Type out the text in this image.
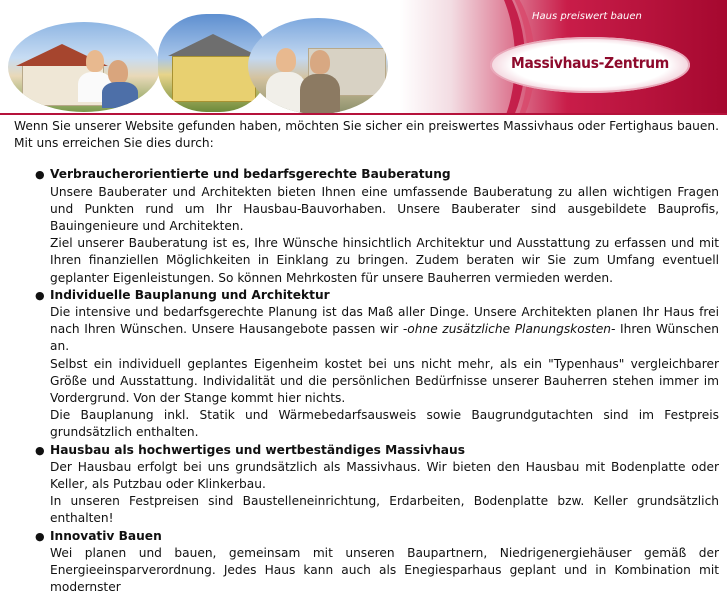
Haus preiswert bauen
Massivhaus-Zentrum

Wenn Sie unserer Website gefunden haben, möchten Sie sicher ein preiswertes Massivhaus oder Fertighaus bauen. Mit uns erreichen Sie dies durch:

● Verbraucherorientierte und bedarfsgerechte Bauberatung
Unsere Bauberater und Architekten bieten Ihnen eine umfassende Bauberatung zu allen wichtigen Fragen und Punkten rund um Ihr Hausbau-Bauvorhaben. Unsere Bauberater sind ausgebildete Bauprofis, Bauingenieure und Architekten.
Ziel unserer Bauberatung ist es, Ihre Wünsche hinsichtlich Architektur und Ausstattung zu erfassen und mit Ihren finanziellen Möglichkeiten in Einklang zu bringen. Zudem beraten wir Sie zum Umfang eventuell geplanter Eigenleistungen. So können Mehrkosten für unsere Bauherren vermieden werden.
● Individuelle Bauplanung und Architektur
Die intensive und bedarfsgerechte Planung ist das Maß aller Dinge. Unsere Architekten planen Ihr Haus frei nach Ihren Wünschen. Unsere Hausangebote passen wir -ohne zusätzliche Planungskosten- Ihren Wünschen an.
Selbst ein individuell geplantes Eigenheim kostet bei uns nicht mehr, als ein "Typenhaus" vergleichbarer Größe und Ausstattung. Individalität und die persönlichen Bedürfnisse unserer Bauherren stehen immer im Vordergrund. Von der Stange kommt hier nichts.
Die Bauplanung inkl. Statik und Wärmebedarfsausweis sowie Baugrundgutachten sind im Festpreis grundsätzlich enthalten.
● Hausbau als hochwertiges und wertbeständiges Massivhaus
Der Hausbau erfolgt bei uns grundsätzlich als Massivhaus. Wir bieten den Hausbau mit Bodenplatte oder Keller, als Putzbau oder Klinkerbau.
In unseren Festpreisen sind Baustelleneinrichtung, Erdarbeiten, Bodenplatte bzw. Keller grundsätzlich enthalten!
● Innovativ Bauen
Wei planen und bauen, gemeinsam mit unseren Baupartnern, Niedrigenergiehäuser gemäß der Energieeinsparverordnung. Jedes Haus kann auch als Enegiesparhaus geplant und in Kombination mit modernster
